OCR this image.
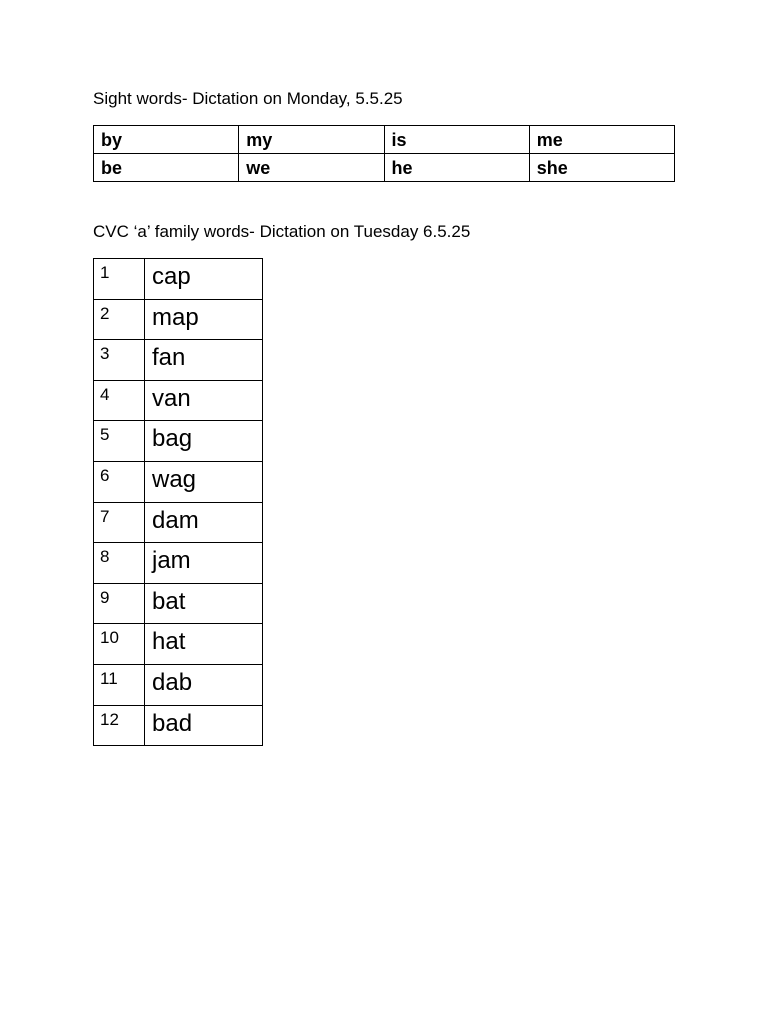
Sight words- Dictation on Monday, 5.5.25
by	my	is	me
be	we	he	she
CVC ‘a’ family words- Dictation on Tuesday 6.5.25
1	cap
2	map
3	fan
4	van
5	bag
6	wag
7	dam
8	jam
9	bat
10	hat
11	dab
12	bad
